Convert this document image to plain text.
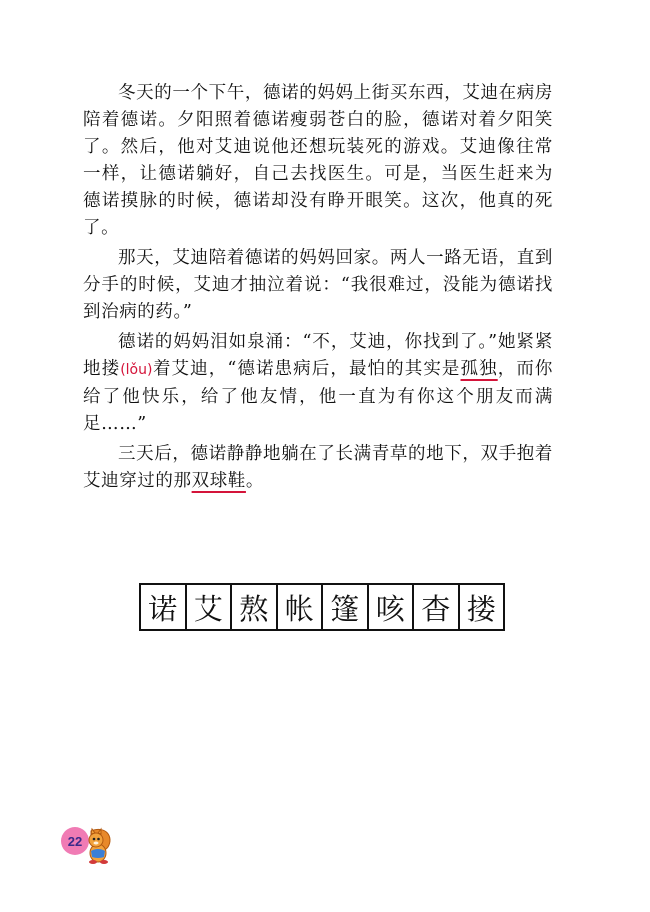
冬天的一个下午，德诺的妈妈上街买东西，艾迪在病房陪着德诺。夕阳照着德诺瘦弱苍白的脸，德诺对着夕阳笑了。然后，他对艾迪说他还想玩装死的游戏。艾迪像往常一样，让德诺躺好，自己去找医生。可是，当医生赶来为德诺摸脉的时候，德诺却没有睁开眼笑。这次，他真的死了。

那天，艾迪陪着德诺的妈妈回家。两人一路无语，直到分手的时候，艾迪才抽泣着说：“我很难过，没能为德诺找到治病的药。”

德诺的妈妈泪如泉涌：“不，艾迪，你找到了。”她紧紧地搂(lǒu)着艾迪，“德诺患病后，最怕的其实是孤独，而你给了他快乐，给了他友情，他一直为有你这个朋友而满足……”

三天后，德诺静静地躺在了长满青草的地下，双手抱着艾迪穿过的那双球鞋。

诺 艾 熬 帐 篷 咳 杳 搂
22
